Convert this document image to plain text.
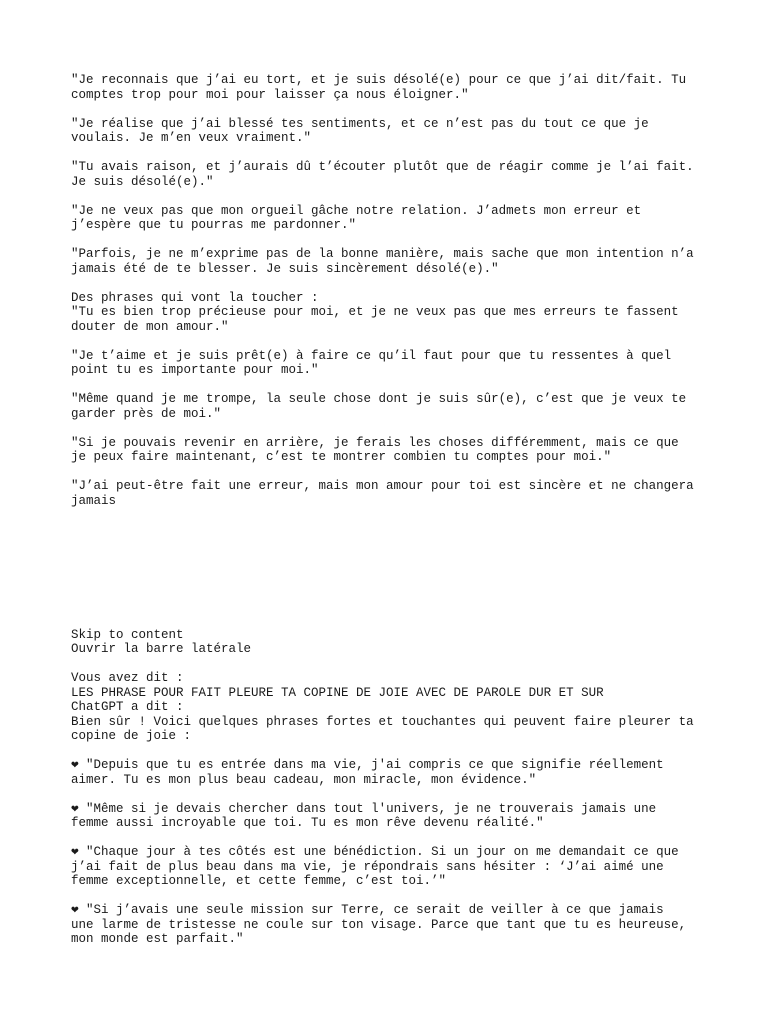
"Je reconnais que j’ai eu tort, et je suis désolé(e) pour ce que j’ai dit/fait. Tu
comptes trop pour moi pour laisser ça nous éloigner."
"Je réalise que j’ai blessé tes sentiments, et ce n’est pas du tout ce que je
voulais. Je m’en veux vraiment."
"Tu avais raison, et j’aurais dû t’écouter plutôt que de réagir comme je l’ai fait.
Je suis désolé(e)."
"Je ne veux pas que mon orgueil gâche notre relation. J’admets mon erreur et
j’espère que tu pourras me pardonner."
"Parfois, je ne m’exprime pas de la bonne manière, mais sache que mon intention n’a
jamais été de te blesser. Je suis sincèrement désolé(e)."
Des phrases qui vont la toucher :
"Tu es bien trop précieuse pour moi, et je ne veux pas que mes erreurs te fassent
douter de mon amour."
"Je t’aime et je suis prêt(e) à faire ce qu’il faut pour que tu ressentes à quel
point tu es importante pour moi."
"Même quand je me trompe, la seule chose dont je suis sûr(e), c’est que je veux te
garder près de moi."
"Si je pouvais revenir en arrière, je ferais les choses différemment, mais ce que
je peux faire maintenant, c’est te montrer combien tu comptes pour moi."
"J’ai peut-être fait une erreur, mais mon amour pour toi est sincère et ne changera
jamais
Skip to content
Ouvrir la barre latérale
Vous avez dit :
LES PHRASE POUR FAIT PLEURE TA COPINE DE JOIE AVEC DE PAROLE DUR ET SUR
ChatGPT a dit :
Bien sûr ! Voici quelques phrases fortes et touchantes qui peuvent faire pleurer ta
copine de joie :
❤ "Depuis que tu es entrée dans ma vie, j'ai compris ce que signifie réellement
aimer. Tu es mon plus beau cadeau, mon miracle, mon évidence."
❤ "Même si je devais chercher dans tout l'univers, je ne trouverais jamais une
femme aussi incroyable que toi. Tu es mon rêve devenu réalité."
❤ "Chaque jour à tes côtés est une bénédiction. Si un jour on me demandait ce que
j’ai fait de plus beau dans ma vie, je répondrais sans hésiter : ‘J’ai aimé une
femme exceptionnelle, et cette femme, c’est toi.’"
❤ "Si j’avais une seule mission sur Terre, ce serait de veiller à ce que jamais
une larme de tristesse ne coule sur ton visage. Parce que tant que tu es heureuse,
mon monde est parfait."
